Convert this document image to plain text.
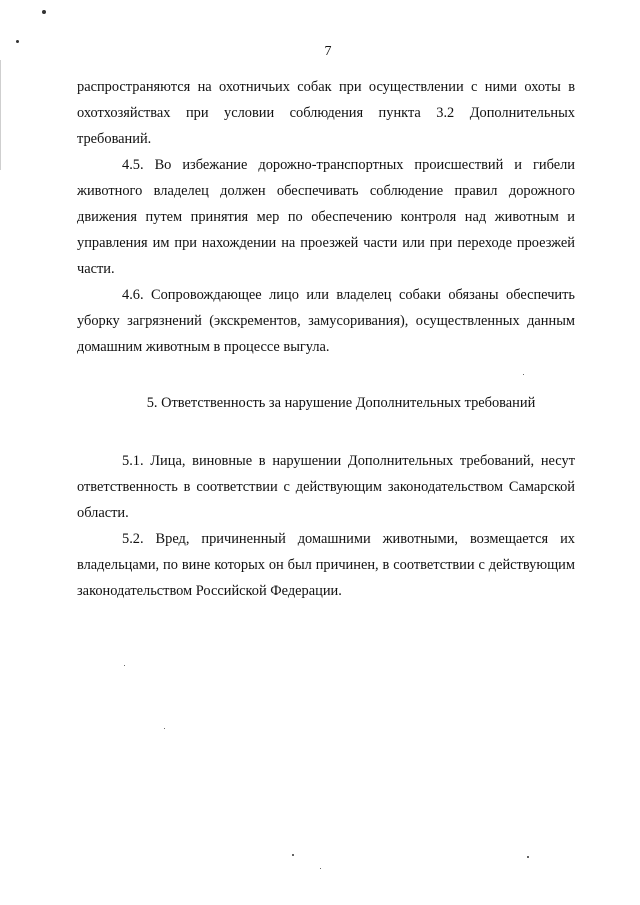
7

распространяются на охотничьих собак при осуществлении с ними охоты в охотхозяйствах при условии соблюдения пункта 3.2 Дополнительных требований.

4.5. Во избежание дорожно-транспортных происшествий и гибели животного владелец должен обеспечивать соблюдение правил дорожного движения путем принятия мер по обеспечению контроля над животным и управления им при нахождении на проезжей части или при переходе проезжей части.

4.6. Сопровождающее лицо или владелец собаки обязаны обеспечить уборку загрязнений (экскрементов, замусоривания), осуществленных данным домашним животным в процессе выгула.

5. Ответственность за нарушение Дополнительных требований

5.1. Лица, виновные в нарушении Дополнительных требований, несут ответственность в соответствии с действующим законодательством Самарской области.

5.2. Вред, причиненный домашними животными, возмещается их владельцами, по вине которых он был причинен, в соответствии с действующим законодательством Российской Федерации.
